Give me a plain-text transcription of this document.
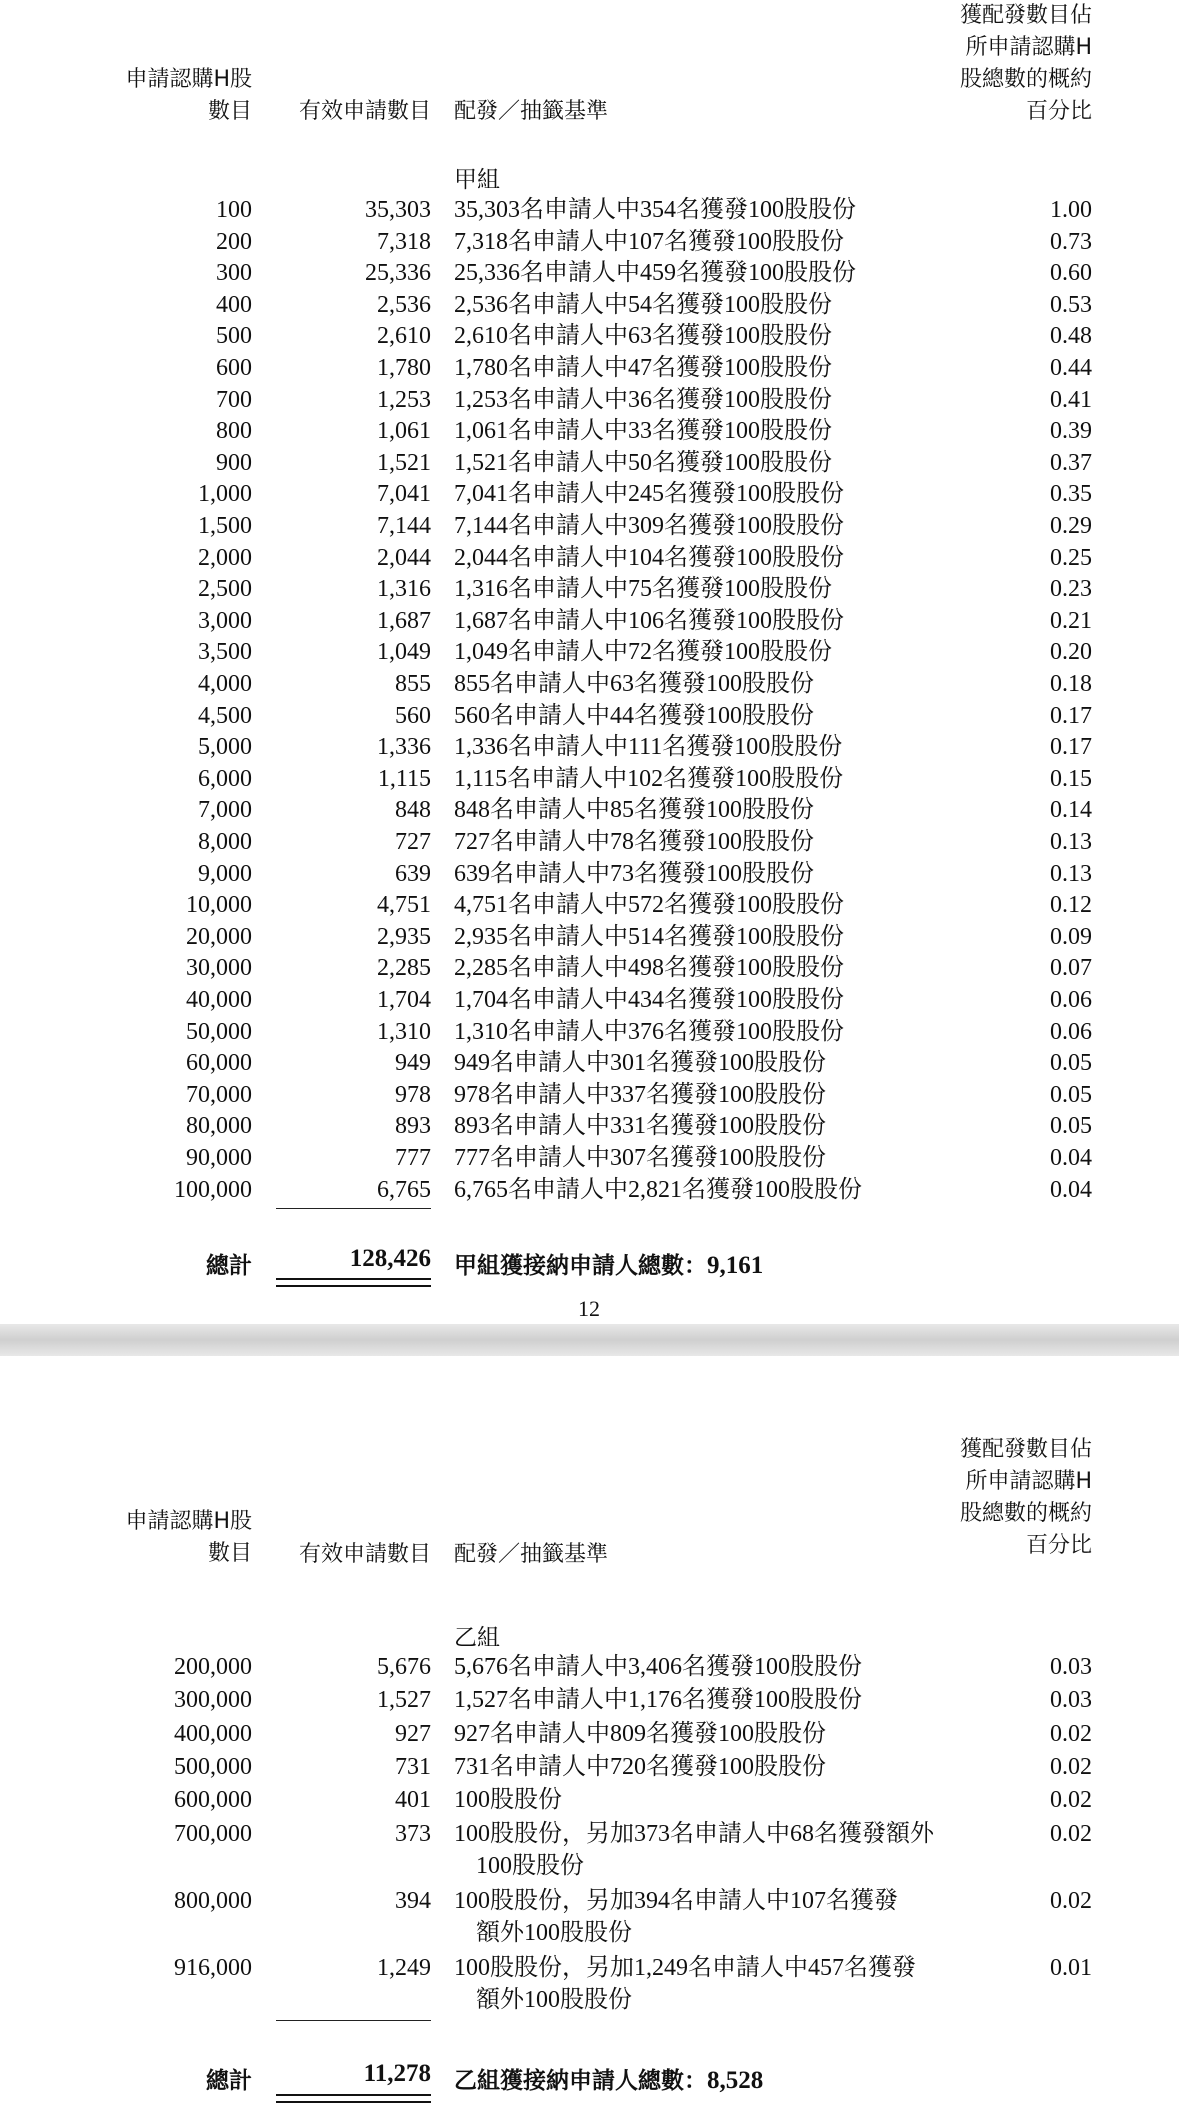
申請認購H股
數目 有效申請數目 配發／抽籤基準
獲配發數目佔
所申請認購H
股總數的概約
百分比
甲組
100	35,303 35,303名申請人中354名獲發100股股份	1.00
200	7,318 7,318名申請人中107名獲發100股股份	0.73
300	25,336 25,336名申請人中459名獲發100股股份	0.60
400	2,536 2,536名申請人中54名獲發100股股份	0.53
500	2,610 2,610名申請人中63名獲發100股股份	0.48
600	1,780 1,780名申請人中47名獲發100股股份	0.44
700	1,253 1,253名申請人中36名獲發100股股份	0.41
800	1,061 1,061名申請人中33名獲發100股股份	0.39
900	1,521 1,521名申請人中50名獲發100股股份	0.37
1,000	7,041 7,041名申請人中245名獲發100股股份	0.35
1,500	7,144 7,144名申請人中309名獲發100股股份	0.29
2,000	2,044 2,044名申請人中104名獲發100股股份	0.25
2,500	1,316 1,316名申請人中75名獲發100股股份	0.23
3,000	1,687 1,687名申請人中106名獲發100股股份	0.21
3,500	1,049 1,049名申請人中72名獲發100股股份	0.20
4,000	855 855名申請人中63名獲發100股股份	0.18
4,500	560 560名申請人中44名獲發100股股份	0.17
5,000	1,336 1,336名申請人中111名獲發100股股份	0.17
6,000	1,115 1,115名申請人中102名獲發100股股份	0.15
7,000	848 848名申請人中85名獲發100股股份	0.14
8,000	727 727名申請人中78名獲發100股股份	0.13
9,000	639 639名申請人中73名獲發100股股份	0.13
10,000	4,751 4,751名申請人中572名獲發100股股份	0.12
20,000	2,935 2,935名申請人中514名獲發100股股份	0.09
30,000	2,285 2,285名申請人中498名獲發100股股份	0.07
40,000	1,704 1,704名申請人中434名獲發100股股份	0.06
50,000	1,310 1,310名申請人中376名獲發100股股份	0.06
60,000	949 949名申請人中301名獲發100股股份	0.05
70,000	978 978名申請人中337名獲發100股股份	0.05
80,000	893 893名申請人中331名獲發100股股份	0.05
90,000	777 777名申請人中307名獲發100股股份	0.04
100,000	6,765 6,765名申請人中2,821名獲發100股股份	0.04
總計	128,426 甲組獲接納申請人總數：9,161
12
申請認購H股
數目 有效申請數目 配發／抽籤基準
獲配發數目佔
所申請認購H
股總數的概約
百分比
乙組
200,000	5,676 5,676名申請人中3,406名獲發100股股份	0.03
300,000	1,527 1,527名申請人中1,176名獲發100股股份	0.03
400,000	927 927名申請人中809名獲發100股股份	0.02
500,000	731 731名申請人中720名獲發100股股份	0.02
600,000	401 100股股份	0.02
700,000	373 100股股份，另加373名申請人中68名獲發額外	0.02
100股股份
800,000	394 100股股份，另加394名申請人中107名獲發	0.02
額外100股股份
916,000	1,249 100股股份，另加1,249名申請人中457名獲發	0.01
額外100股股份
總計	11,278 乙組獲接納申請人總數：8,528
